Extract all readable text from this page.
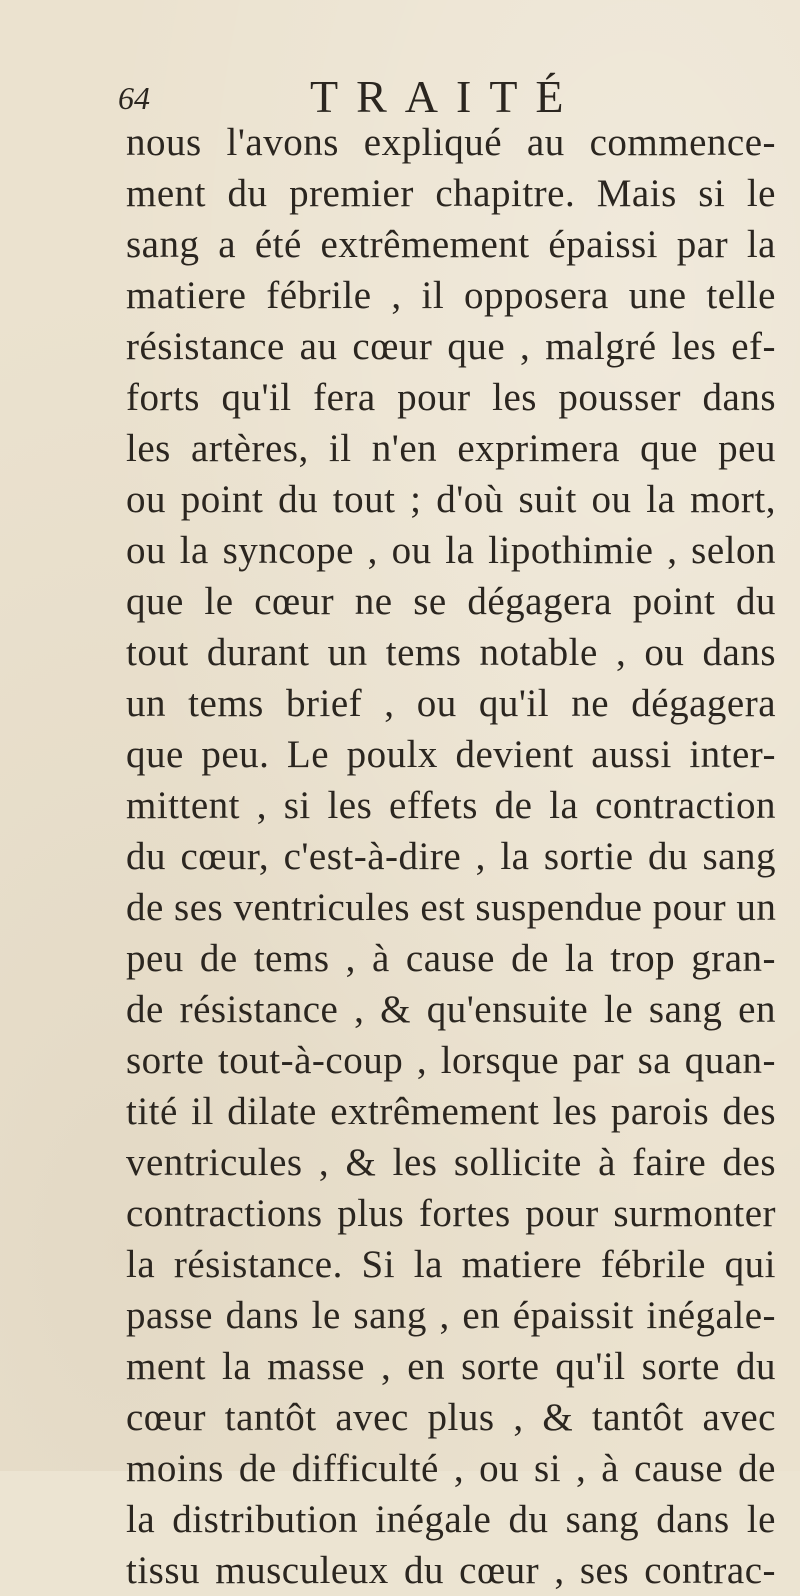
64	TRAITÉ
nous l'avons expliqué au commence-
ment du premier chapitre. Mais si le
sang a été extrêmement épaissi par la
matiere fébrile , il opposera une telle
résistance au cœur que , malgré les ef-
forts qu'il fera pour les pousser dans
les artères, il n'en exprimera que peu
ou point du tout ; d'où suit ou la mort,
ou la syncope , ou la lipothimie , selon
que le cœur ne se dégagera point du
tout durant un tems notable , ou dans
un tems brief , ou qu'il ne dégagera
que peu. Le poulx devient aussi inter-
mittent , si les effets de la contraction
du cœur, c'est-à-dire , la sortie du sang
de ses ventricules est suspendue pour un
peu de tems , à cause de la trop gran-
de résistance , & qu'ensuite le sang en
sorte tout-à-coup , lorsque par sa quan-
tité il dilate extrêmement les parois des
ventricules , & les sollicite à faire des
contractions plus fortes pour surmonter
la résistance. Si la matiere fébrile qui
passe dans le sang , en épaissit inégale-
ment la masse , en sorte qu'il sorte du
cœur tantôt avec plus , & tantôt avec
moins de difficulté , ou si , à cause de
la distribution inégale du sang dans le
tissu musculeux du cœur , ses contrac-
